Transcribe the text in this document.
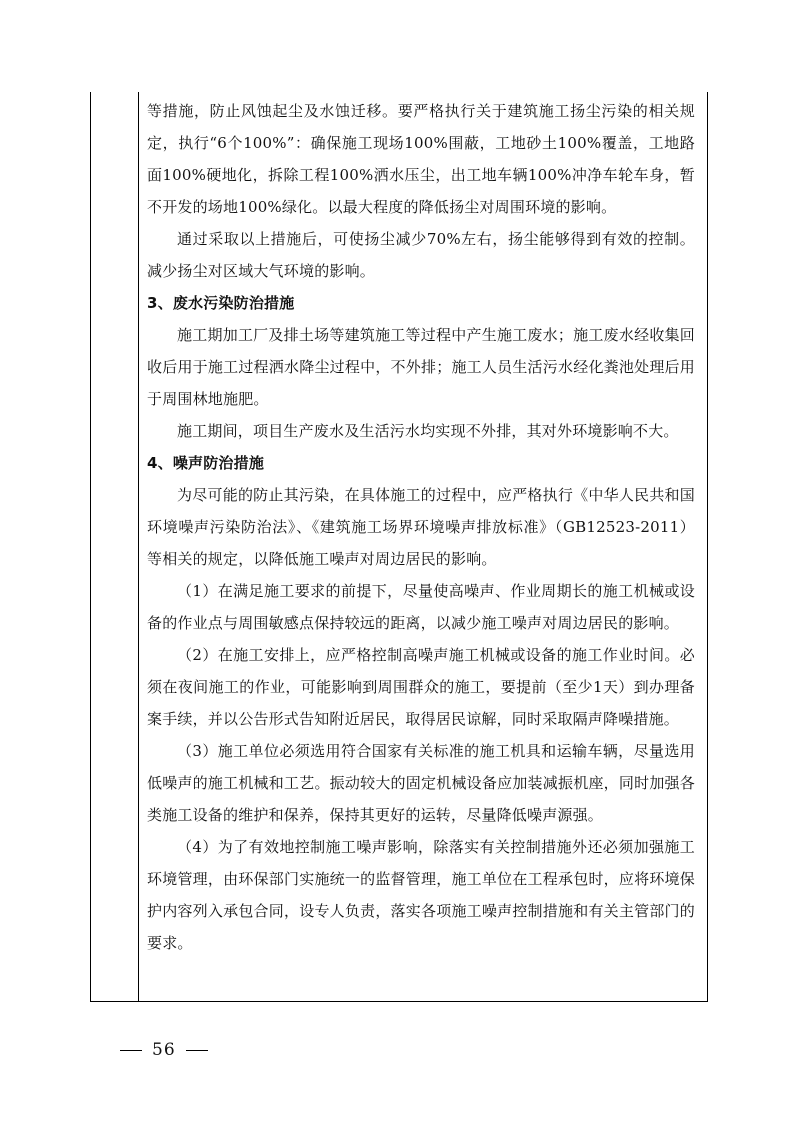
等措施，防止风蚀起尘及水蚀迁移。要严格执行关于建筑施工扬尘污染的相关规定，执行“6个100%”：确保施工现场100%围蔽，工地砂土100%覆盖，工地路面100%硬地化，拆除工程100%洒水压尘，出工地车辆100%冲净车轮车身，暂不开发的场地100%绿化。以最大程度的降低扬尘对周围环境的影响。

通过采取以上措施后，可使扬尘减少70%左右，扬尘能够得到有效的控制。减少扬尘对区域大气环境的影响。

3、废水污染防治措施

施工期加工厂及排土场等建筑施工等过程中产生施工废水；施工废水经收集回收后用于施工过程洒水降尘过程中，不外排；施工人员生活污水经化粪池处理后用于周围林地施肥。

施工期间，项目生产废水及生活污水均实现不外排，其对外环境影响不大。

4、噪声防治措施

为尽可能的防止其污染，在具体施工的过程中，应严格执行《中华人民共和国环境噪声污染防治法》、《建筑施工场界环境噪声排放标准》（GB12523-2011）等相关的规定，以降低施工噪声对周边居民的影响。

（1）在满足施工要求的前提下，尽量使高噪声、作业周期长的施工机械或设备的作业点与周围敏感点保持较远的距离，以减少施工噪声对周边居民的影响。

（2）在施工安排上，应严格控制高噪声施工机械或设备的施工作业时间。必须在夜间施工的作业，可能影响到周围群众的施工，要提前（至少1天）到办理备案手续，并以公告形式告知附近居民，取得居民谅解，同时采取隔声降噪措施。

（3）施工单位必须选用符合国家有关标准的施工机具和运输车辆，尽量选用低噪声的施工机械和工艺。振动较大的固定机械设备应加装减振机座，同时加强各类施工设备的维护和保养，保持其更好的运转，尽量降低噪声源强。

（4）为了有效地控制施工噪声影响，除落实有关控制措施外还必须加强施工环境管理，由环保部门实施统一的监督管理，施工单位在工程承包时，应将环境保护内容列入承包合同，设专人负责，落实各项施工噪声控制措施和有关主管部门的要求。

56
